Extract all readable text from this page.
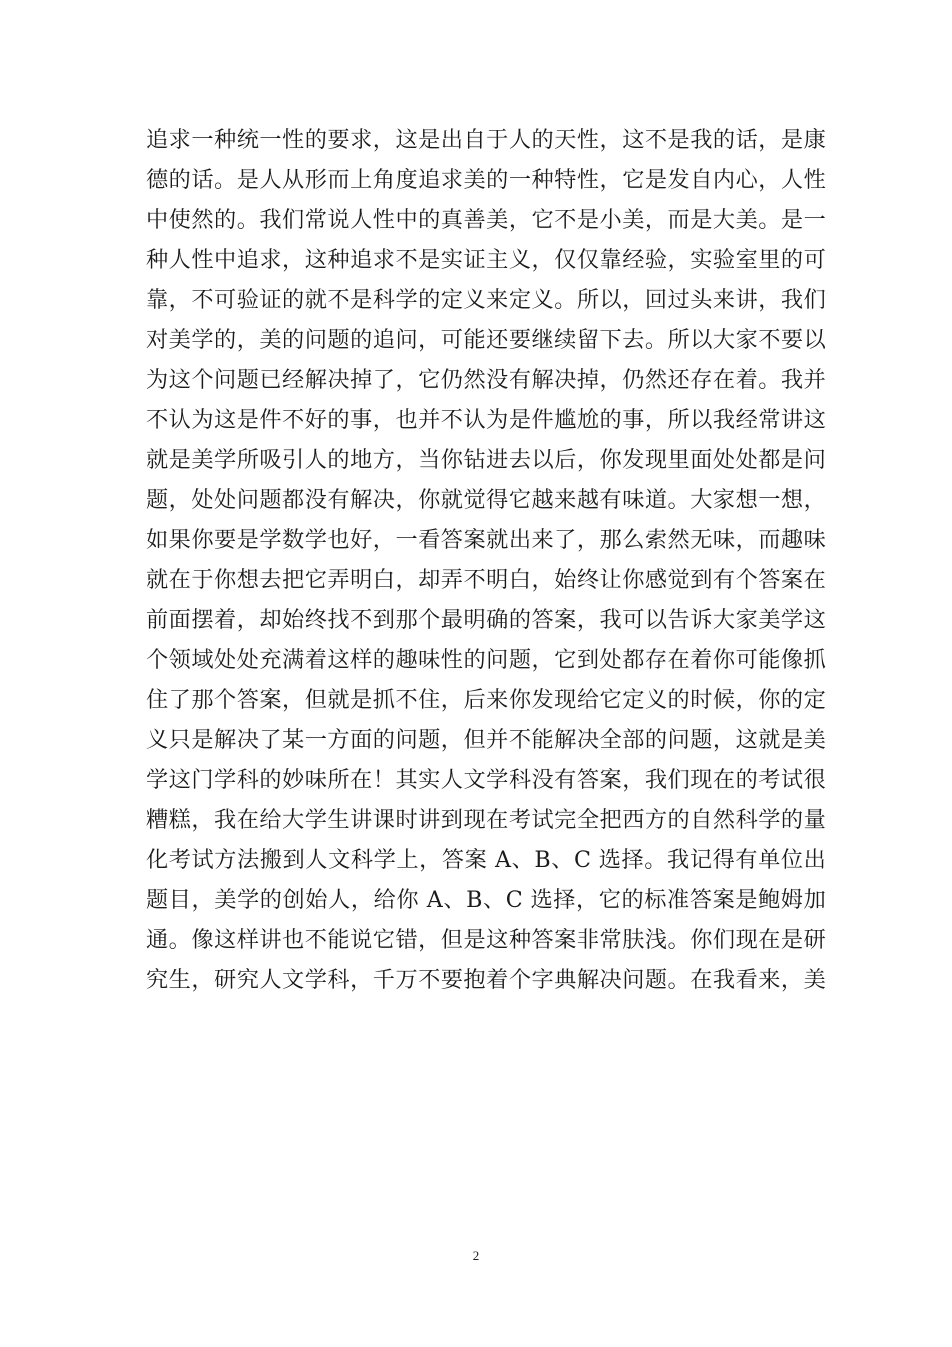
追求一种统一性的要求，这是出自于人的天性，这不是我的话，是康
德的话。是人从形而上角度追求美的一种特性，它是发自内心，人性
中使然的。我们常说人性中的真善美，它不是小美，而是大美。是一
种人性中追求，这种追求不是实证主义，仅仅靠经验，实验室里的可
靠，不可验证的就不是科学的定义来定义。所以，回过头来讲，我们
对美学的，美的问题的追问，可能还要继续留下去。所以大家不要以
为这个问题已经解决掉了，它仍然没有解决掉，仍然还存在着。我并
不认为这是件不好的事，也并不认为是件尴尬的事，所以我经常讲这
就是美学所吸引人的地方，当你钻进去以后，你发现里面处处都是问
题，处处问题都没有解决，你就觉得它越来越有味道。大家想一想，
如果你要是学数学也好，一看答案就出来了，那么索然无味，而趣味
就在于你想去把它弄明白，却弄不明白，始终让你感觉到有个答案在
前面摆着，却始终找不到那个最明确的答案，我可以告诉大家美学这
个领域处处充满着这样的趣味性的问题，它到处都存在着你可能像抓
住了那个答案，但就是抓不住，后来你发现给它定义的时候，你的定
义只是解决了某一方面的问题，但并不能解决全部的问题，这就是美
学这门学科的妙味所在！其实人文学科没有答案，我们现在的考试很
糟糕，我在给大学生讲课时讲到现在考试完全把西方的自然科学的量
化考试方法搬到人文科学上，答案 A、B、C 选择。我记得有单位出
题目，美学的创始人，给你 A、B、C 选择，它的标准答案是鲍姆加
通。像这样讲也不能说它错，但是这种答案非常肤浅。你们现在是研
究生，研究人文学科，千万不要抱着个字典解决问题。在我看来，美
2
